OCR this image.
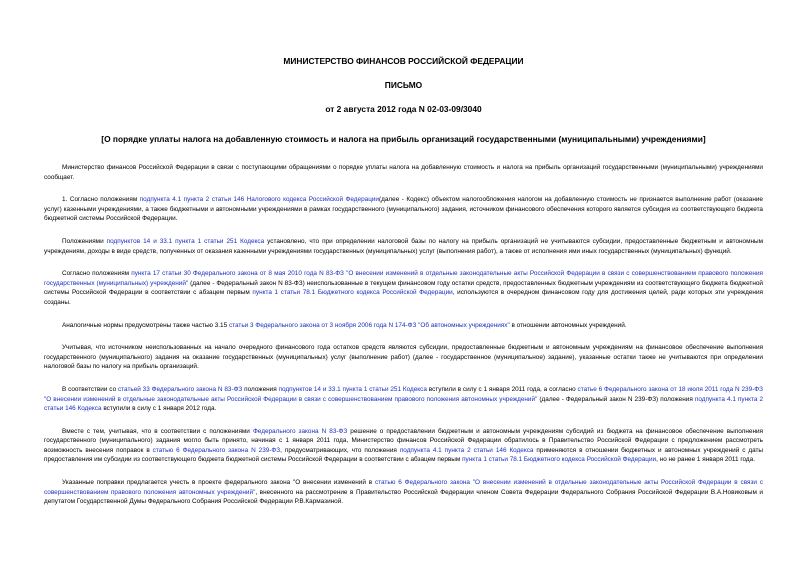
МИНИСТЕРСТВО ФИНАНСОВ РОССИЙСКОЙ ФЕДЕРАЦИИ
ПИСЬМО
от 2 августа 2012 года N 02-03-09/3040
[О порядке уплаты налога на добавленную стоимость и налога на прибыль организаций государственными (муниципальными) учреждениями]

Министерство финансов Российской Федерации в связи с поступающими обращениями о порядке уплаты налога на добавленную стоимость и налога на прибыль организаций государственными (муниципальными) учреждениями сообщает.

1. Согласно положениям подпункта 4.1 пункта 2 статьи 146 Налогового кодекса Российской Федерации(далее - Кодекс) объектом налогообложения налогом на добавленную стоимость не признается выполнение работ (оказание услуг) казенными учреждениями, а также бюджетными и автономными учреждениями в рамках государственного (муниципального) задания, источником финансового обеспечения которого является субсидия из соответствующего бюджета бюджетной системы Российской Федерации.

Положениями подпунктов 14 и 33.1 пункта 1 статьи 251 Кодекса установлено, что при определении налоговой базы по налогу на прибыль организаций не учитываются субсидии, предоставленные бюджетным и автономным учреждениям, доходы в виде средств, полученных от оказания казенными учреждениями государственных (муниципальных) услуг (выполнения работ), а также от исполнения ими иных государственных (муниципальных) функций.

Согласно положениям пункта 17 статьи 30 Федерального закона от 8 мая 2010 года N 83-ФЗ "О внесении изменений в отдельные законодательные акты Российской Федерации в связи с совершенствованием правового положения государственных (муниципальных) учреждений" (далее - Федеральный закон N 83-ФЗ) неиспользованные в текущем финансовом году остатки средств, предоставленных бюджетным учреждениям из соответствующего бюджета бюджетной системы Российской Федерации в соответствии с абзацем первым пункта 1 статьи 78.1 Бюджетного кодекса Российской Федерации, используются в очередном финансовом году для достижения целей, ради которых эти учреждения созданы.

Аналогичные нормы предусмотрены также частью 3.15 статьи 3 Федерального закона от 3 ноября 2006 года N 174-ФЗ "Об автономных учреждениях" в отношении автономных учреждений.

Учитывая, что источником неиспользованных на начало очередного финансового года остатков средств являются субсидии, предоставленные бюджетным и автономным учреждениям на финансовое обеспечение выполнения государственного (муниципального) задания на оказание государственных (муниципальных) услуг (выполнение работ) (далее - государственное (муниципальное) задание), указанные остатки также не учитываются при определении налоговой базы по налогу на прибыль организаций.

В соответствии со статьей 33 Федерального закона N 83-ФЗ положения подпунктов 14 и 33.1 пункта 1 статьи 251 Кодекса вступили в силу с 1 января 2011 года, а согласно статье 6 Федерального закона от 18 июля 2011 года N 239-ФЗ "О внесении изменений в отдельные законодательные акты Российской Федерации в связи с совершенствованием правового положения автономных учреждений" (далее - Федеральный закон N 239-ФЗ) положения подпункта 4.1 пункта 2 статьи 146 Кодекса вступили в силу с 1 января 2012 года.

Вместе с тем, учитывая, что в соответствии с положениями Федерального закона N 83-ФЗ решение о предоставлении бюджетным и автономным учреждениям субсидий из бюджета на финансовое обеспечение выполнения государственного (муниципального) задания могло быть принято, начиная с 1 января 2011 года, Министерство финансов Российской Федерации обратилось в Правительство Российской Федерации с предложением рассмотреть возможность внесения поправок в статью 6 Федерального закона N 239-ФЗ, предусматривающих, что положения подпункта 4.1 пункта 2 статьи 146 Кодекса применяются в отношении бюджетных и автономных учреждений с даты предоставления им субсидии из соответствующего бюджета бюджетной системы Российской Федерации в соответствии с абзацем первым пункта 1 статьи 78.1 Бюджетного кодекса Российской Федерации, но не ранее 1 января 2011 года.

Указанные поправки предлагается учесть в проекте федерального закона "О внесении изменений в статью 6 Федерального закона "О внесении изменений в отдельные законодательные акты Российской Федерации в связи с совершенствованием правового положения автономных учреждений", внесенного на рассмотрение в Правительство Российской Федерации членом Совета Федерации Федерального Собрания Российской Федерации В.А.Новиковым и депутатом Государственной Думы Федерального Собрания Российской Федерации Р.В.Кармазиной.
